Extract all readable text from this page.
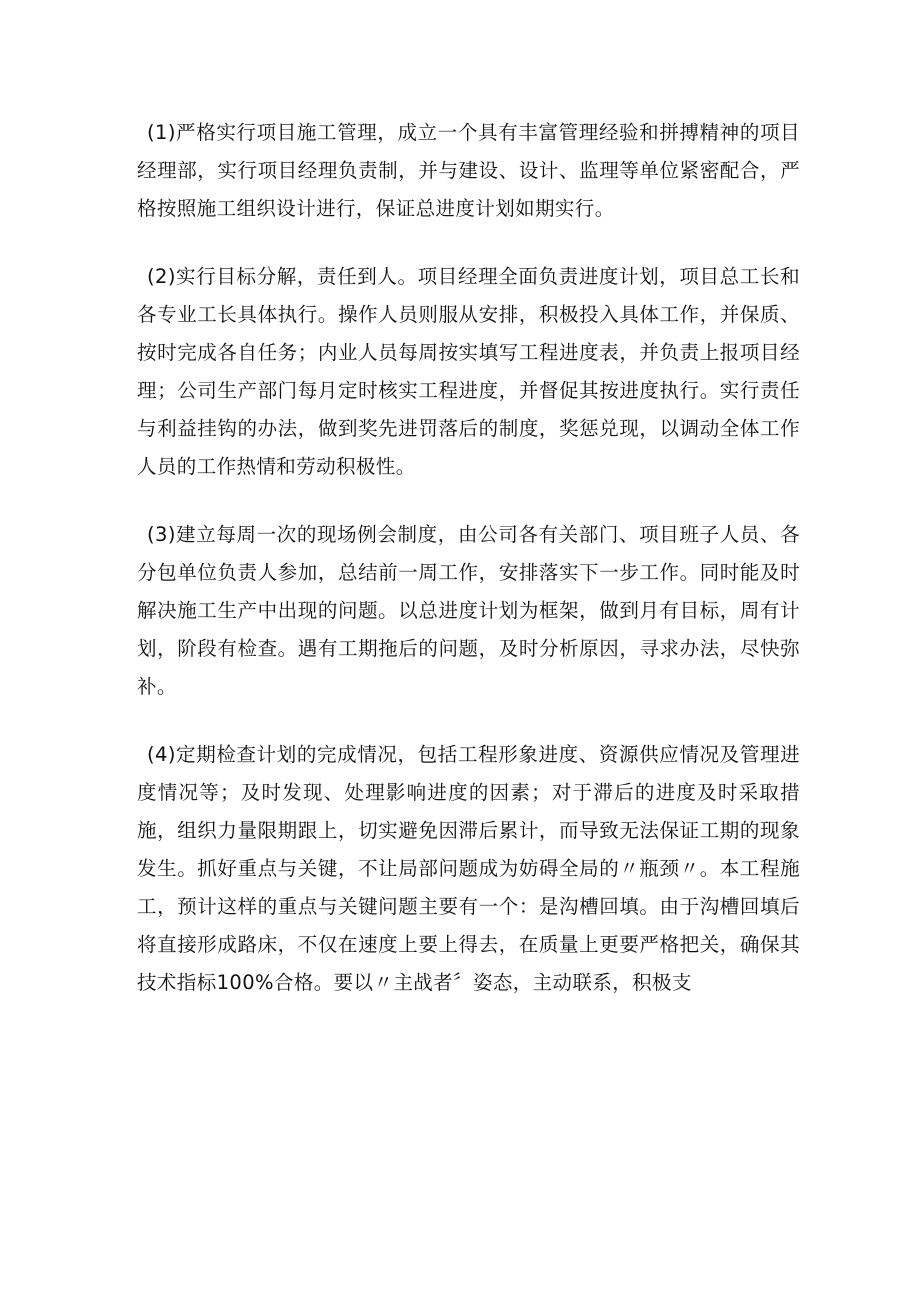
(1)严格实行项目施工管理，成立一个具有丰富管理经验和拼搏精神的项目经理部，实行项目经理负责制，并与建设、设计、监理等单位紧密配合，严格按照施工组织设计进行，保证总进度计划如期实行。

(2)实行目标分解，责任到人。项目经理全面负责进度计划，项目总工长和各专业工长具体执行。操作人员则服从安排，积极投入具体工作，并保质、按时完成各自任务；内业人员每周按实填写工程进度表，并负责上报项目经理；公司生产部门每月定时核实工程进度，并督促其按进度执行。实行责任与利益挂钩的办法，做到奖先进罚落后的制度，奖惩兑现，以调动全体工作人员的工作热情和劳动积极性。

(3)建立每周一次的现场例会制度，由公司各有关部门、项目班子人员、各分包单位负责人参加，总结前一周工作，安排落实下一步工作。同时能及时解决施工生产中出现的问题。以总进度计划为框架，做到月有目标，周有计划，阶段有检查。遇有工期拖后的问题，及时分析原因，寻求办法，尽快弥补。

(4)定期检查计划的完成情况，包括工程形象进度、资源供应情况及管理进度情况等；及时发现、处理影响进度的因素；对于滞后的进度及时采取措施，组织力量限期跟上，切实避免因滞后累计，而导致无法保证工期的现象发生。抓好重点与关键，不让局部问题成为妨碍全局的〃瓶颈〃。本工程施工，预计这样的重点与关键问题主要有一个：是沟槽回填。由于沟槽回填后将直接形成路床，不仅在速度上要上得去，在质量上更要严格把关，确保其技术指标100%合格。要以〃主战者〞姿态，主动联系，积极支
